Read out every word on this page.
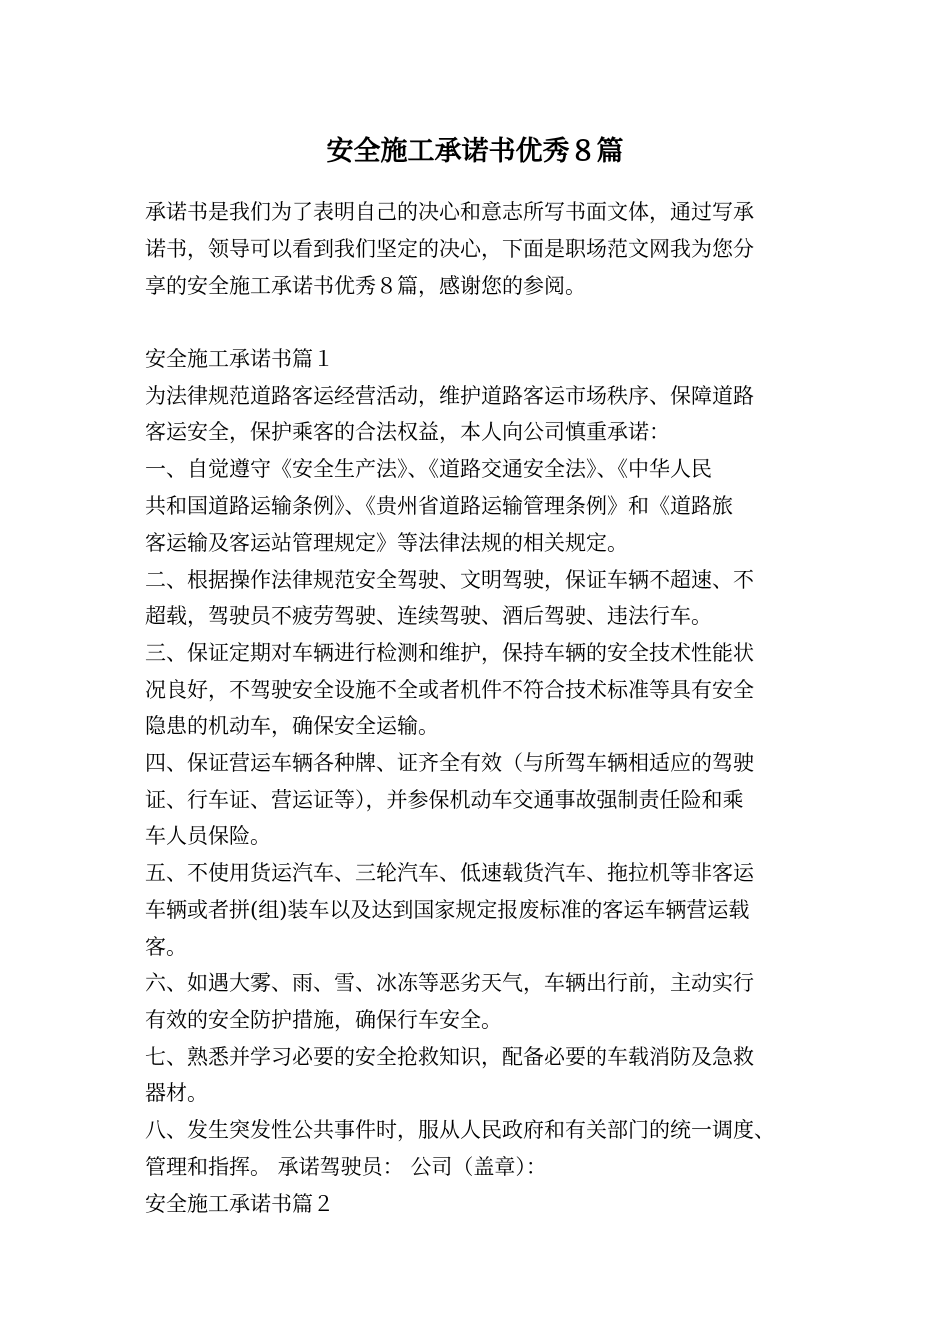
安全施工承诺书优秀８篇
承诺书是我们为了表明自己的决心和意志所写书面文体，通过写承
诺书，领导可以看到我们坚定的决心，下面是职场范文网我为您分
享的安全施工承诺书优秀８篇，感谢您的参阅。
安全施工承诺书篇１
为法律规范道路客运经营活动，维护道路客运市场秩序、保障道路
客运安全，保护乘客的合法权益，本人向公司慎重承诺：
一、自觉遵守《安全生产法》、《道路交通安全法》、《中华人民
共和国道路运输条例》、《贵州省道路运输管理条例》和《道路旅
客运输及客运站管理规定》等法律法规的相关规定。
二、根据操作法律规范安全驾驶、文明驾驶，保证车辆不超速、不
超载，驾驶员不疲劳驾驶、连续驾驶、酒后驾驶、违法行车。
三、保证定期对车辆进行检测和维护，保持车辆的安全技术性能状
况良好，不驾驶安全设施不全或者机件不符合技术标准等具有安全
隐患的机动车，确保安全运输。
四、保证营运车辆各种牌、证齐全有效（与所驾车辆相适应的驾驶
证、行车证、营运证等），并参保机动车交通事故强制责任险和乘
车人员保险。
五、不使用货运汽车、三轮汽车、低速载货汽车、拖拉机等非客运
车辆或者拼(组)装车以及达到国家规定报废标准的客运车辆营运载
客。
六、如遇大雾、雨、雪、冰冻等恶劣天气，车辆出行前，主动实行
有效的安全防护措施，确保行车安全。
七、熟悉并学习必要的安全抢救知识，配备必要的车载消防及急救
器材。
八、发生突发性公共事件时，服从人民政府和有关部门的统一调度、
管理和指挥。 承诺驾驶员： 公司（盖章）：
安全施工承诺书篇２
